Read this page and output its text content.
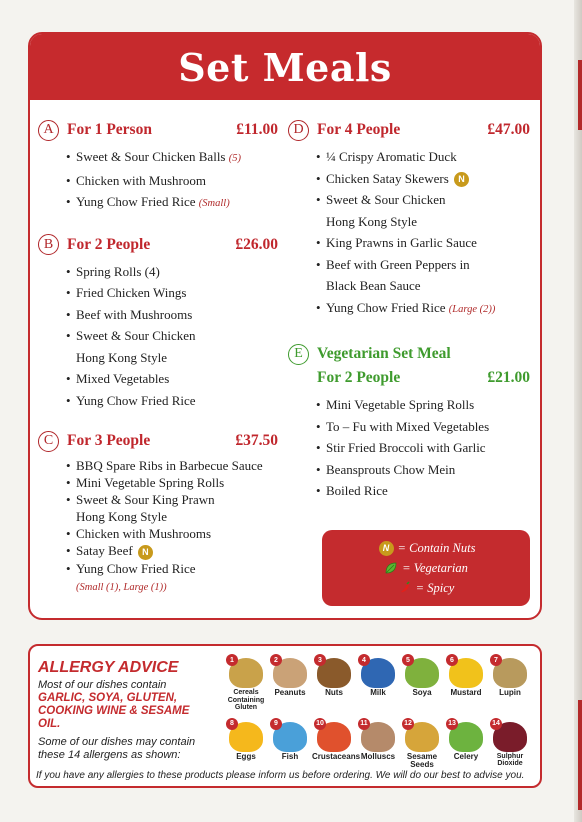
Set Meals
A For 1 Person	£11.00
• Sweet & Sour Chicken Balls (5)
• Chicken with Mushroom
• Yung Chow Fried Rice (Small)
B For 2 People	£26.00
• Spring Rolls (4)
• Fried Chicken Wings
• Beef with Mushrooms
• Sweet & Sour Chicken
Hong Kong Style
• Mixed Vegetables
• Yung Chow Fried Rice
C For 3 People	£37.50
• BBQ Spare Ribs in Barbecue Sauce
• Mini Vegetable Spring Rolls
• Sweet & Sour King Prawn
Hong Kong Style
• Chicken with Mushrooms
• Satay Beef N
• Yung Chow Fried Rice
(Small (1), Large (1))
D For 4 People	£47.00
• ¼ Crispy Aromatic Duck
• Chicken Satay Skewers N
• Sweet & Sour Chicken
Hong Kong Style
• King Prawns in Garlic Sauce
• Beef with Green Peppers in
Black Bean Sauce
• Yung Chow Fried Rice (Large (2))
E Vegetarian Set Meal
For 2 People	£21.00
• Mini Vegetable Spring Rolls
• To – Fu with Mixed Vegetables
• Stir Fried Broccoli with Garlic
• Beansprouts Chow Mein
• Boiled Rice
N = Contain Nuts
= Vegetarian
= Spicy
ALLERGY ADVICE

Most of our dishes contain
GARLIC, SOYA, GLUTEN, COOKING WINE & SESAME OIL.

Some of our dishes may contain these 14 allergens as shown:

1
Cereals Containing Gluten
2
Peanuts
3
Nuts
4
Milk
5
Soya
6
Mustard
7
Lupin
8
Eggs
9
Fish
10
Crustaceans
11
Molluscs
12
Sesame Seeds
13
Celery
14
Sulphur Dioxide
If you have any allergies to these products please inform us before ordering. We will do our best to advise you.
